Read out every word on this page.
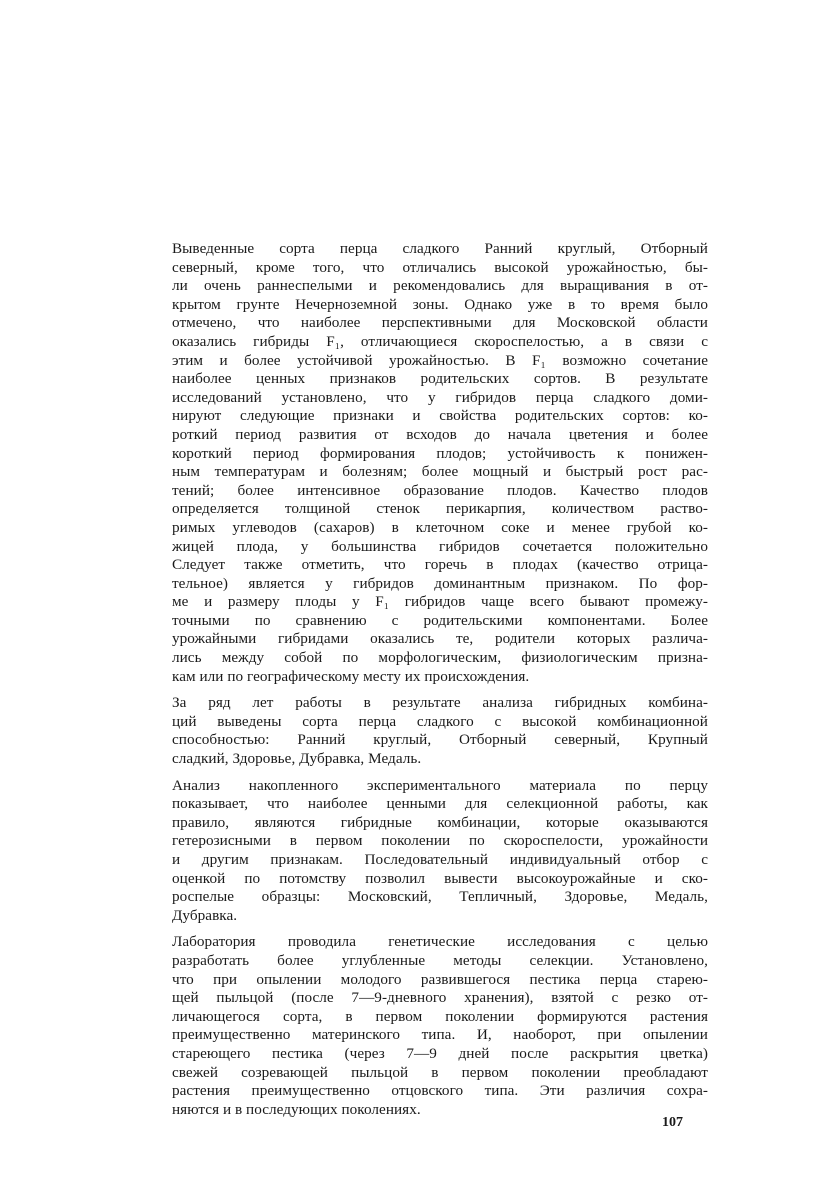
Выведенные сорта перца сладкого Ранний круглый, Отборный
северный, кроме того, что отличались высокой урожайностью, бы-
ли очень раннеспелыми и рекомендовались для выращивания в от-
крытом грунте Нечерноземной зоны. Однако уже в то время было
отмечено, что наиболее перспективными для Московской области
оказались гибриды F₁, отличающиеся скороспелостью, а в связи с
этим и более устойчивой урожайностью. В F₁ возможно сочетание
наиболее ценных признаков родительских сортов. В результате
исследований установлено, что у гибридов перца сладкого доми-
нируют следующие признаки и свойства родительских сортов: ко-
роткий период развития от всходов до начала цветения и более
короткий период формирования плодов; устойчивость к понижен-
ным температурам и болезням; более мощный и быстрый рост рас-
тений; более интенсивное образование плодов. Качество плодов
определяется толщиной стенок перикарпия, количеством раство-
римых углеводов (сахаров) в клеточном соке и менее грубой ко-
жицей плода, у большинства гибридов сочетается положительно
Следует также отметить, что горечь в плодах (качество отрица-
тельное) является у гибридов доминантным признаком. По фор-
ме и размеру плоды у F₁ гибридов чаще всего бывают промежу-
точными по сравнению с родительскими компонентами. Более
урожайными гибридами оказались те, родители которых различа-
лись между собой по морфологическим, физиологическим призна-
кам или по географическому месту их происхождения.
За ряд лет работы в результате анализа гибридных комбина-
ций выведены сорта перца сладкого с высокой комбинационной
способностью: Ранний круглый, Отборный северный, Крупный
сладкий, Здоровье, Дубравка, Медаль.
Анализ накопленного экспериментального материала по перцу
показывает, что наиболее ценными для селекционной работы, как
правило, являются гибридные комбинации, которые оказываются
гетерозисными в первом поколении по скороспелости, урожайности
и другим признакам. Последовательный индивидуальный отбор с
оценкой по потомству позволил вывести высокоурожайные и ско-
роспелые образцы: Московский, Тепличный, Здоровье, Медаль,
Дубравка.
Лаборатория проводила генетические исследования с целью
разработать более углубленные методы селекции. Установлено,
что при опылении молодого развившегося пестика перца старею-
щей пыльцой (после 7—9-дневного хранения), взятой с резко от-
личающегося сорта, в первом поколении формируются растения
преимущественно материнского типа. И, наоборот, при опылении
стареющего пестика (через 7—9 дней после раскрытия цветка)
свежей созревающей пыльцой в первом поколении преобладают
растения преимущественно отцовского типа. Эти различия сохра-
няются и в последующих поколениях.
107
